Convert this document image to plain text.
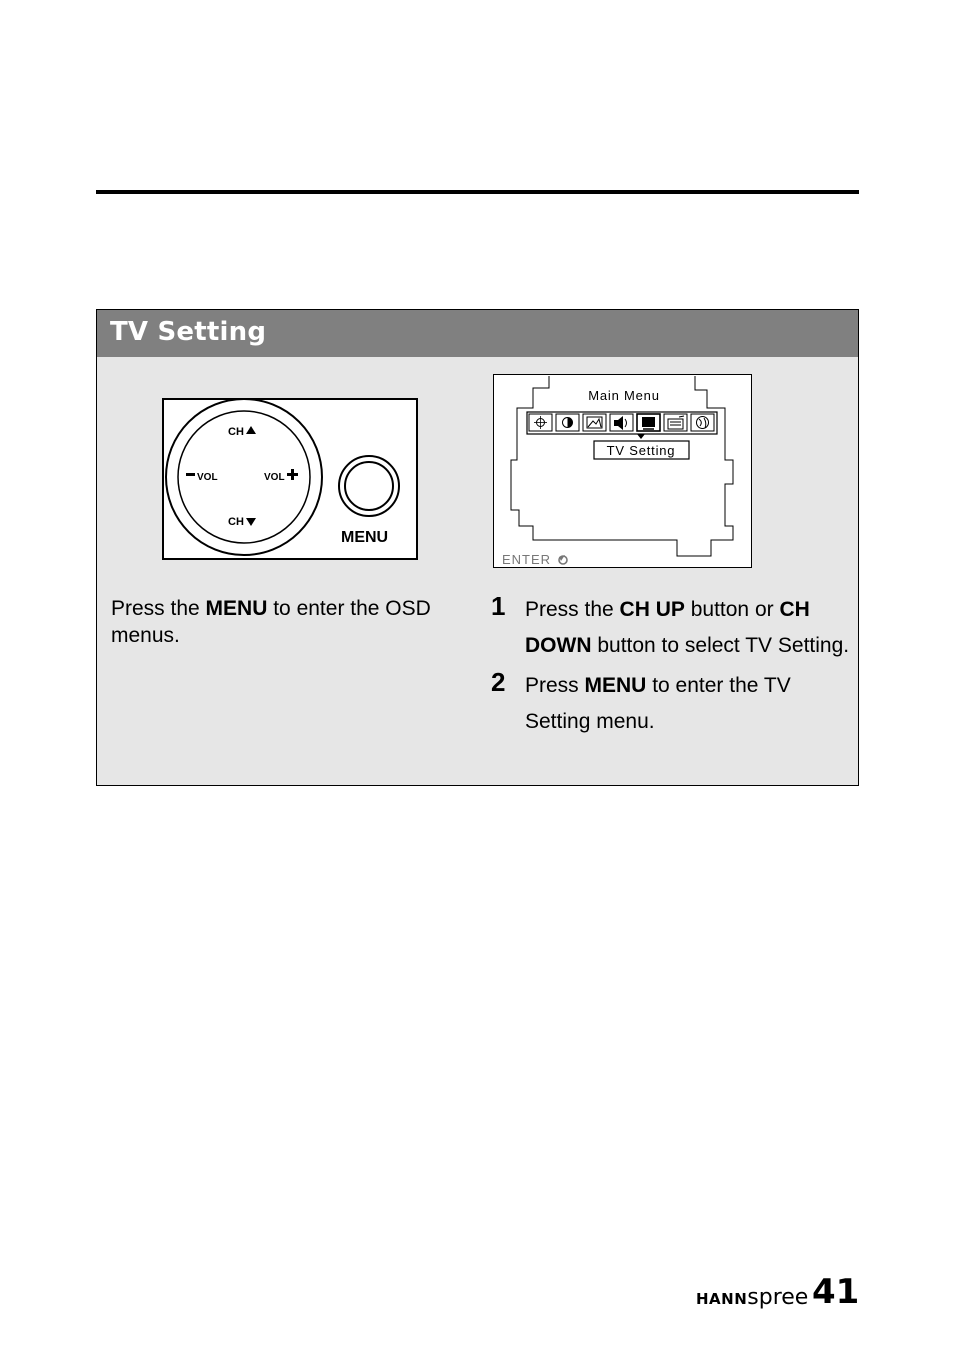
TV Setting
CH
CH
VOL	VOL
MENU
Main Menu
TV Setting
ENTER
Press the MENU to enter the OSD menus.
1 Press the CH UP button or CH DOWN button to select TV Setting.
2 Press MENU to enter the TV Setting menu.
HANNspree 41
